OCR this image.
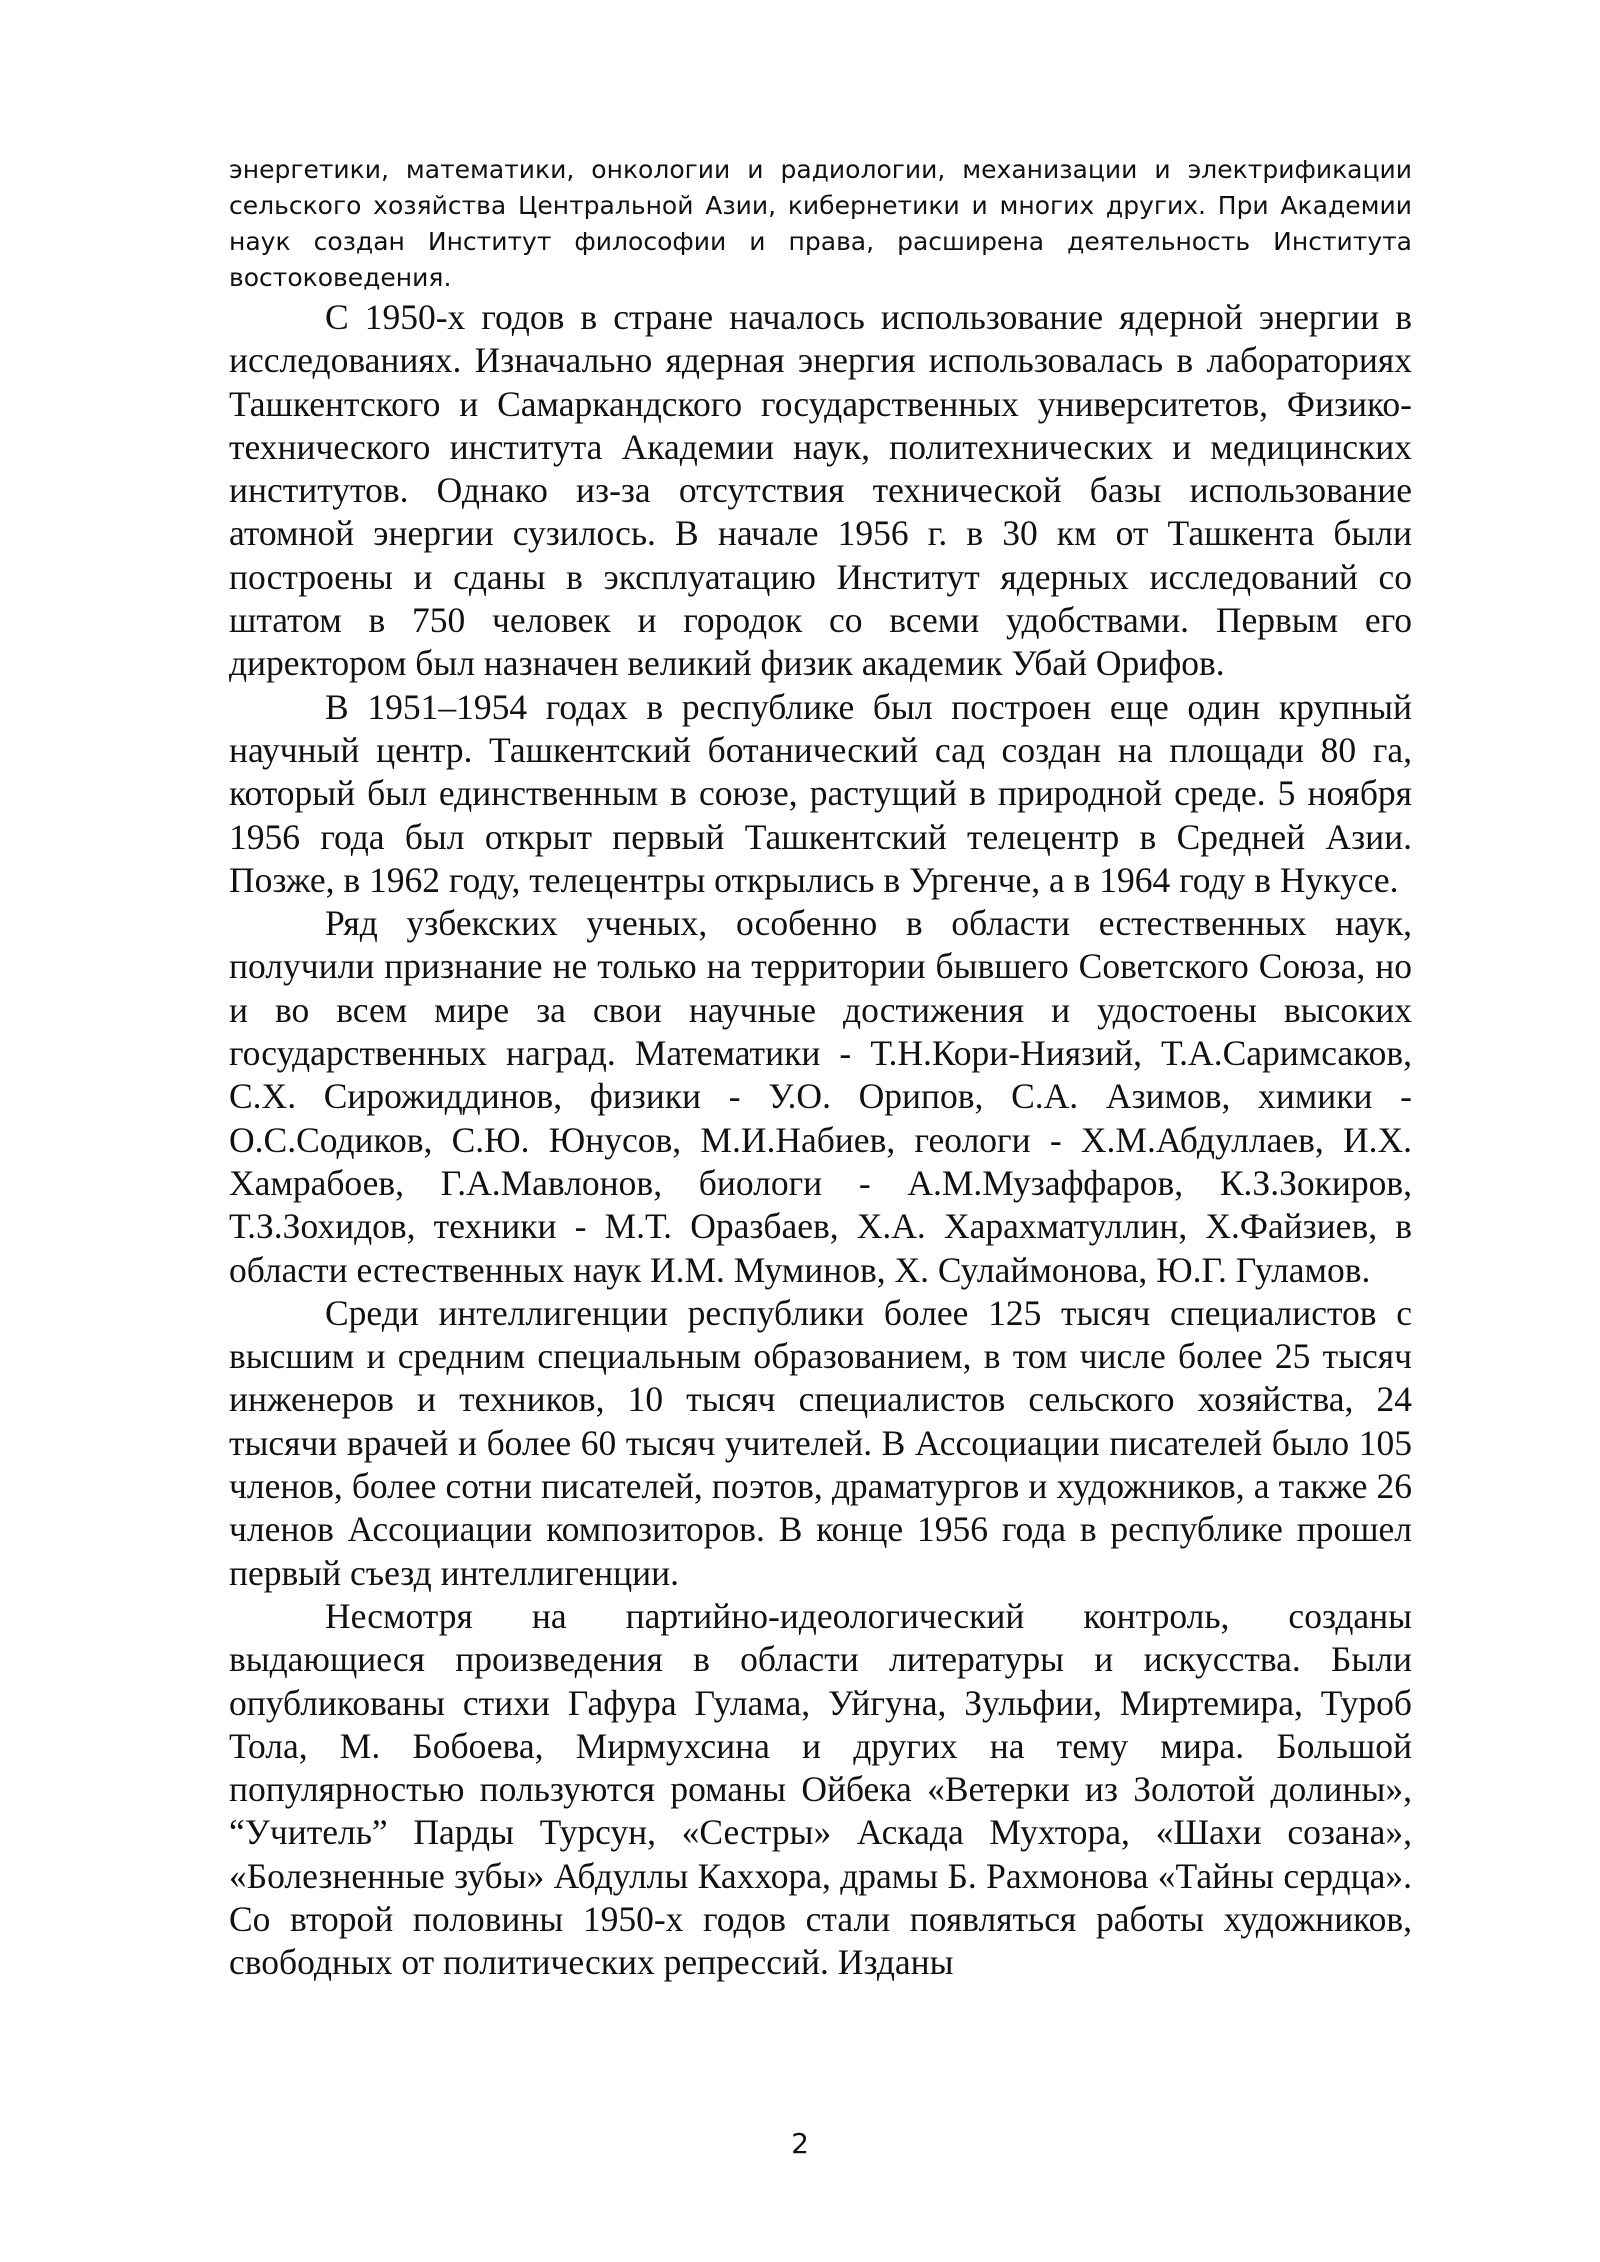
энергетики, математики, онкологии и радиологии, механизации и электрификации сельского хозяйства Центральной Азии, кибернетики и многих других. При Академии наук создан Институт философии и права, расширена деятельность Института востоковедения.

С 1950-х годов в стране началось использование ядерной энергии в исследованиях. Изначально ядерная энергия использовалась в лабораториях Ташкентского и Самаркандского государственных университетов, Физико-технического института Академии наук, политехнических и медицинских институтов. Однако из-за отсутствия технической базы использование атомной энергии сузилось. В начале 1956 г. в 30 км от Ташкента были построены и сданы в эксплуатацию Институт ядерных исследований со штатом в 750 человек и городок со всеми удобствами. Первым его директором был назначен великий физик академик Убай Орифов.

В 1951–1954 годах в республике был построен еще один крупный научный центр. Ташкентский ботанический сад создан на площади 80 га, который был единственным в союзе, растущий в природной среде. 5 ноября 1956 года был открыт первый Ташкентский телецентр в Средней Азии. Позже, в 1962 году, телецентры открылись в Ургенче, а в 1964 году в Нукусе.

Ряд узбекских ученых, особенно в области естественных наук, получили признание не только на территории бывшего Советского Союза, но и во всем мире за свои научные достижения и удостоены высоких государственных наград. Математики - Т.Н.Кори-Ниязий, Т.А.Саримсаков, С.Х. Сирожиддинов, физики - У.О. Орипов, С.А. Азимов, химики - О.С.Содиков, С.Ю. Юнусов, М.И.Набиев, геологи - Х.М.Абдуллаев, И.Х. Хамрабоев, Г.А.Мавлонов, биологи - А.М.Музаффаров, К.З.Зокиров, Т.З.Зохидов, техники - М.Т. Оразбаев, Х.А. Харахматуллин, Х.Файзиев, в области естественных наук И.М. Муминов, Х. Сулаймонова, Ю.Г. Гуламов.

Среди интеллигенции республики более 125 тысяч специалистов с высшим и средним специальным образованием, в том числе более 25 тысяч инженеров и техников, 10 тысяч специалистов сельского хозяйства, 24 тысячи врачей и более 60 тысяч учителей. В Ассоциации писателей было 105 членов, более сотни писателей, поэтов, драматургов и художников, а также 26 членов Ассоциации композиторов. В конце 1956 года в республике прошел первый съезд интеллигенции.

Несмотря на партийно-идеологический контроль, созданы выдающиеся произведения в области литературы и искусства. Были опубликованы стихи Гафура Гулама, Уйгуна, Зульфии, Миртемира, Туроб Тола, М. Бобоева, Мирмухсина и других на тему мира. Большой популярностью пользуются романы Ойбека «Ветерки из Золотой долины», “Учитель” Парды Турсун, «Сестры» Аскада Мухтора, «Шахи созана», «Болезненные зубы» Абдуллы Каххора, драмы Б. Рахмонова «Тайны сердца». Со второй половины 1950-х годов стали появляться работы художников, свободных от политических репрессий. Изданы

2
